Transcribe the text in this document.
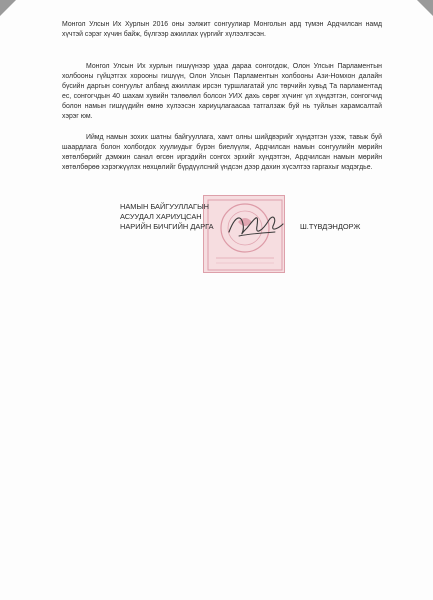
Монгол Улсын Их Хурлын 2016 оны ээлжит сонгуулиар Монголын ард түмэн Ардчилсан намд хүчтэй сэрэг хүчин байж, бүлгээр ажиллах үүргийг хүлээлгэсэн.

Монгол Улсын Их хурлын гишүүнээр удаа дараа сонгогдож, Олон Улсын Парламентын холбооны гүйцэтгэх хорооны гишүүн, Олон Улсын Парламентын холбооны Ази-Номхон далайн бүсийн даргын сонгуульт албанд ажиллаж ирсэн туршлагатай улс төрчийн хувьд Та парламентад ес, сонгогчдын 40 шахам хувийн тэлөөлөл болсон УИХ дахь сөрөг хүчинг үл хүндэтгэн, сонгогчид болон намын гишүүдийн өмнө хүлээсэн хариуцлагаасаа татгалзаж буй нь туйлын харамсалтай хэрэг юм.

Иймд намын зохих шатны байгууллага, хамт олны шийдвэрийг хүндэтгэн үзэж, тавьж буй шаардлага болон холбогдох хуулиудыг бүрэн биелүүлж, Ардчилсан намын сонгуулийн мөрийн хөтөлбөрийг дэмжин санал өгсөн иргэдийн сонгох эрхийг хүндэтгэн, Ардчилсан намын мөрийн хөтөлбөрөө хэрэгжүүлэх нөхцөлийг бүрдүүлсний үндсэн дээр дахин хүсэлтээ гаргахыг мэдэгдье.

НАМЫН БАЙГУУЛЛАГЫН
АСУУДАЛ ХАРИУЦСАН
НАРИЙН БИЧГИЙН ДАРГА	Ш.ТҮВДЭНДОРЖ
